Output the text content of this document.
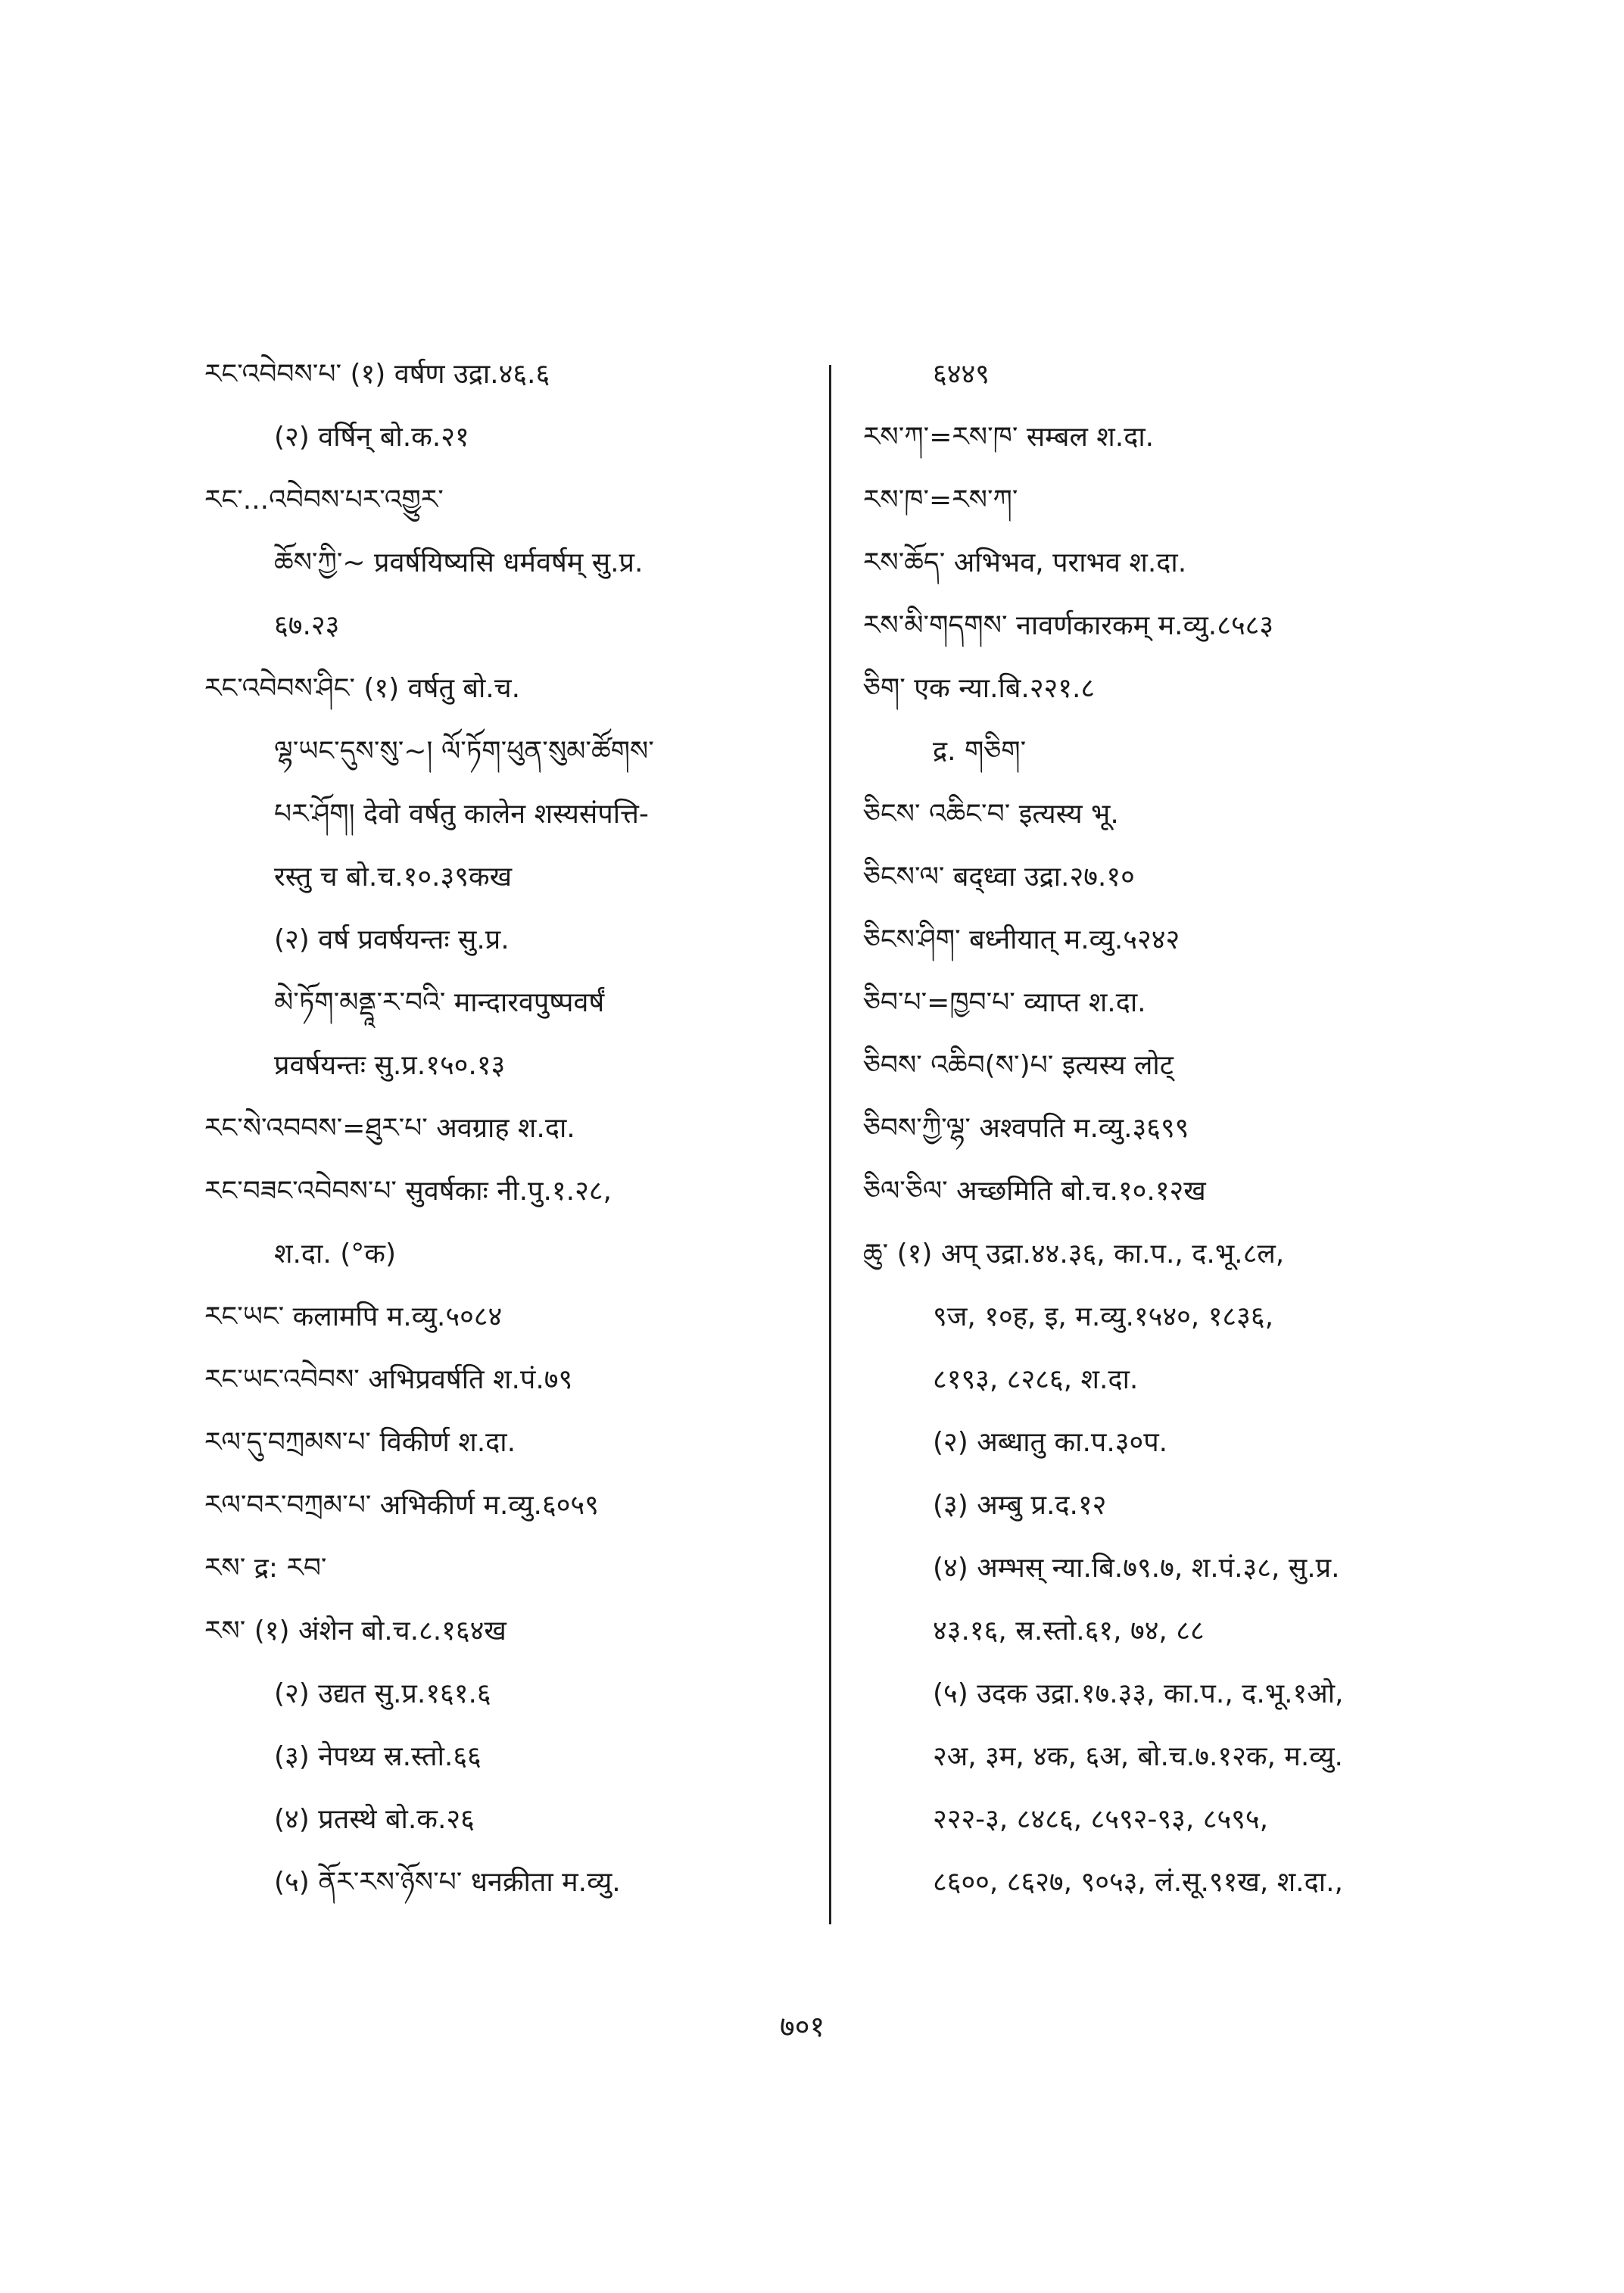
རང་འབེབས་པ་ (१) वर्षण उद्रा.४६.६
(२) वर्षिन् बो.क.२१
རང་...འབེབས་པར་འགྱུར་
ཆོས་ཀྱི་~ प्रवर्षयिष्यसि धर्मवर्षम् सु.प्र.
६७.२३
རང་འབེབས་ཤིང་ (१) वर्षतु बो.च.
ལྷ་ཡང་དུས་སུ་~། ལོ་ཏོག་ཕུན་སུམ་ཚོགས་
པར་ཤོག། देवो वर्षतु कालेन शस्यसंपत्ति-
रस्तु च बो.च.१०.३९कख
(२) वर्ष प्रवर्षयन्तः सु.प्र.
མེ་ཏོག་མནྡཱ་ར་བའི་ मान्दारवपुष्पवर्षं
प्रवर्षयन्तः सु.प्र.१५०.१३
རང་སེ་འབབས་=ཐུར་པ་ अवग्राह श.दा.
རང་བཟང་འབེབས་པ་ सुवर्षकाः नी.पु.१.२८,
श.दा. (°क)
རང་ཡང་ कलामपि म.व्यु.५०८४
རང་ཡང་འབེབས་ अभिप्रवर्षति श.पं.७९
རལ་དུ་བཀྲམས་པ་ विकीर्ण श.दा.
རལ་བར་བཀྲམ་པ་ अभिकीर्ण म.व्यु.६०५९
རས་ द्र: རབ་
རས་ (१) अंशेन बो.च.८.१६४ख
(२) उद्यत सु.प्र.१६१.६
(३) नेपथ्य स्र.स्तो.६६
(४) प्रतस्थे बो.क.२६
(५) ནོར་རས་ཉོས་པ་ धनक्रीता म.व्यु.
६४४९
རས་ཀ་=རས་ཁ་ सम्बल श.दा.
རས་ཁ་=རས་ཀ་
རས་ཆོད་ अभिभव, पराभव श.दा.
རས་མི་གདགས་ नावर्णकारकम् म.व्यु.८५८३
ཅིག་ एक न्या.बि.२२१.८
द्र. གཅིག་
ཅིངས་ འཆིང་བ་ इत्यस्य भू.
ཅིངས་ལ་ बद्ध्वा उद्रा.२७.१०
ཅིངས་ཤིག་ बध्नीयात् म.व्यु.५२४२
ཅིབ་པ་=ཁྱབ་པ་ व्याप्त श.दा.
ཅིབས་ འཆིབ(ས་)པ་ इत्यस्य लोट्
ཅིབས་ཀྱི་ལྷ་ अश्वपति म.व्यु.३६९९
ཅིལ་ཅིལ་ अच्छमिति बो.च.१०.१२ख
ཆུ་ (१) अप् उद्रा.४४.३६, का.प., द.भू.८ल,
९ज, १०ह, इ, म.व्यु.१५४०, १८३६,
८१९३, ८२८६, श.दा.
(२) अब्धातु का.प.३०प.
(३) अम्बु प्र.द.१२
(४) अम्भस् न्या.बि.७९.७, श.पं.३८, सु.प्र.
४३.१६, स्र.स्तो.६१, ७४, ८८
(५) उदक उद्रा.१७.३३, का.प., द.भू.१ओ,
२अ, ३म, ४क, ६अ, बो.च.७.१२क, म.व्यु.
२२२-३, ८४८६, ८५९२-९३, ८५९५,
८६००, ८६२७, ९०५३, लं.सू.९१ख, श.दा.,
७०१
